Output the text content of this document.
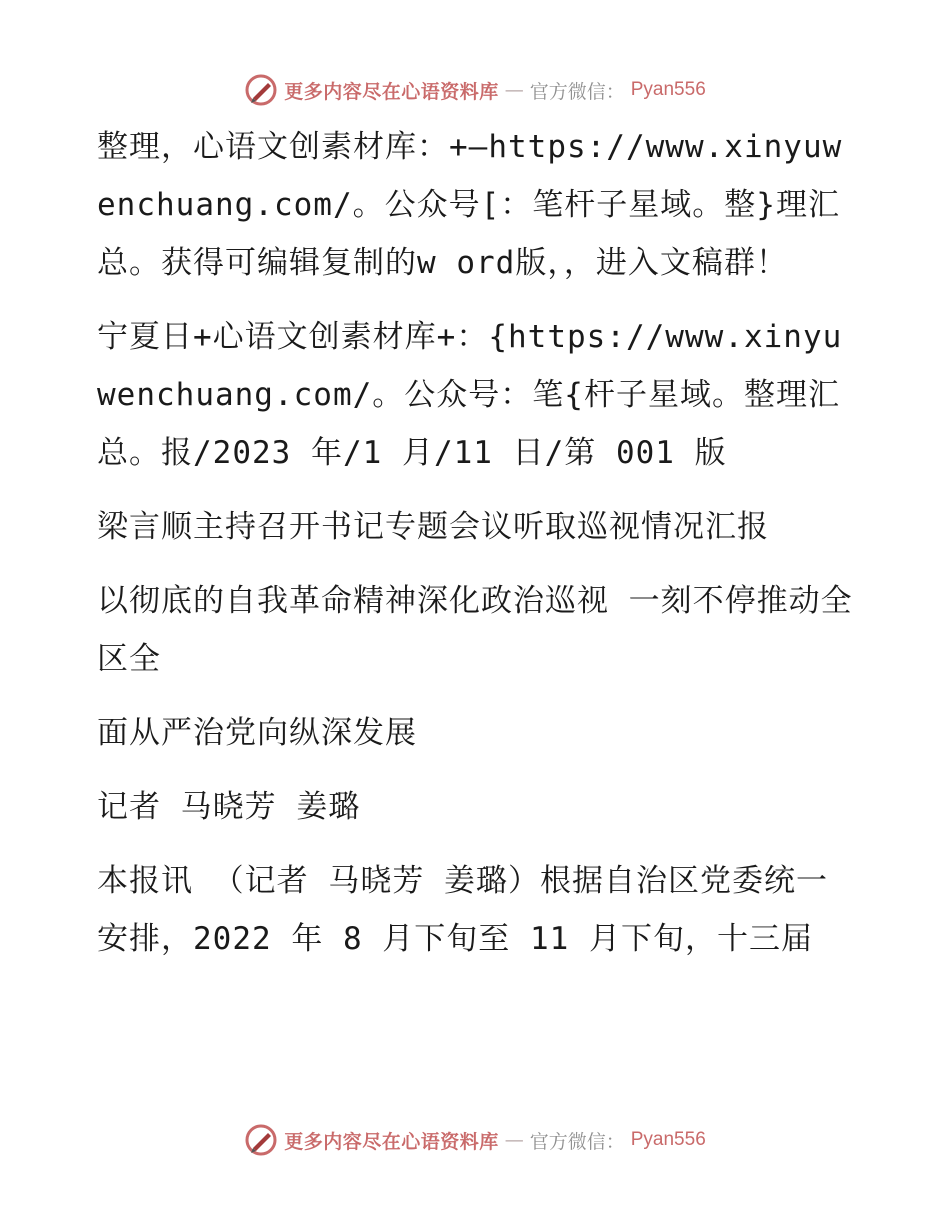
更多内容尽在心语资料库 — 官方微信： Pyan556

整理，心语文创素材库：+—https://www.xinyuwenchuang.com/。公众号[：笔杆子星域。整}理汇总。获得可编辑复制的w ord版，，进入文稿群！

宁夏日+心语文创素材库+：{https://www.xinyuwenchuang.com/。公众号：笔{杆子星域。整理汇总。报/2023 年/1 月/11 日/第 001 版

梁言顺主持召开书记专题会议听取巡视情况汇报

以彻底的自我革命精神深化政治巡视 一刻不停推动全区全

面从严治党向纵深发展

记者 马晓芳 姜璐

本报讯 （记者 马晓芳 姜璐）根据自治区党委统一安排，2022 年 8 月下旬至 11 月下旬，十三届

更多内容尽在心语资料库 — 官方微信： Pyan556
